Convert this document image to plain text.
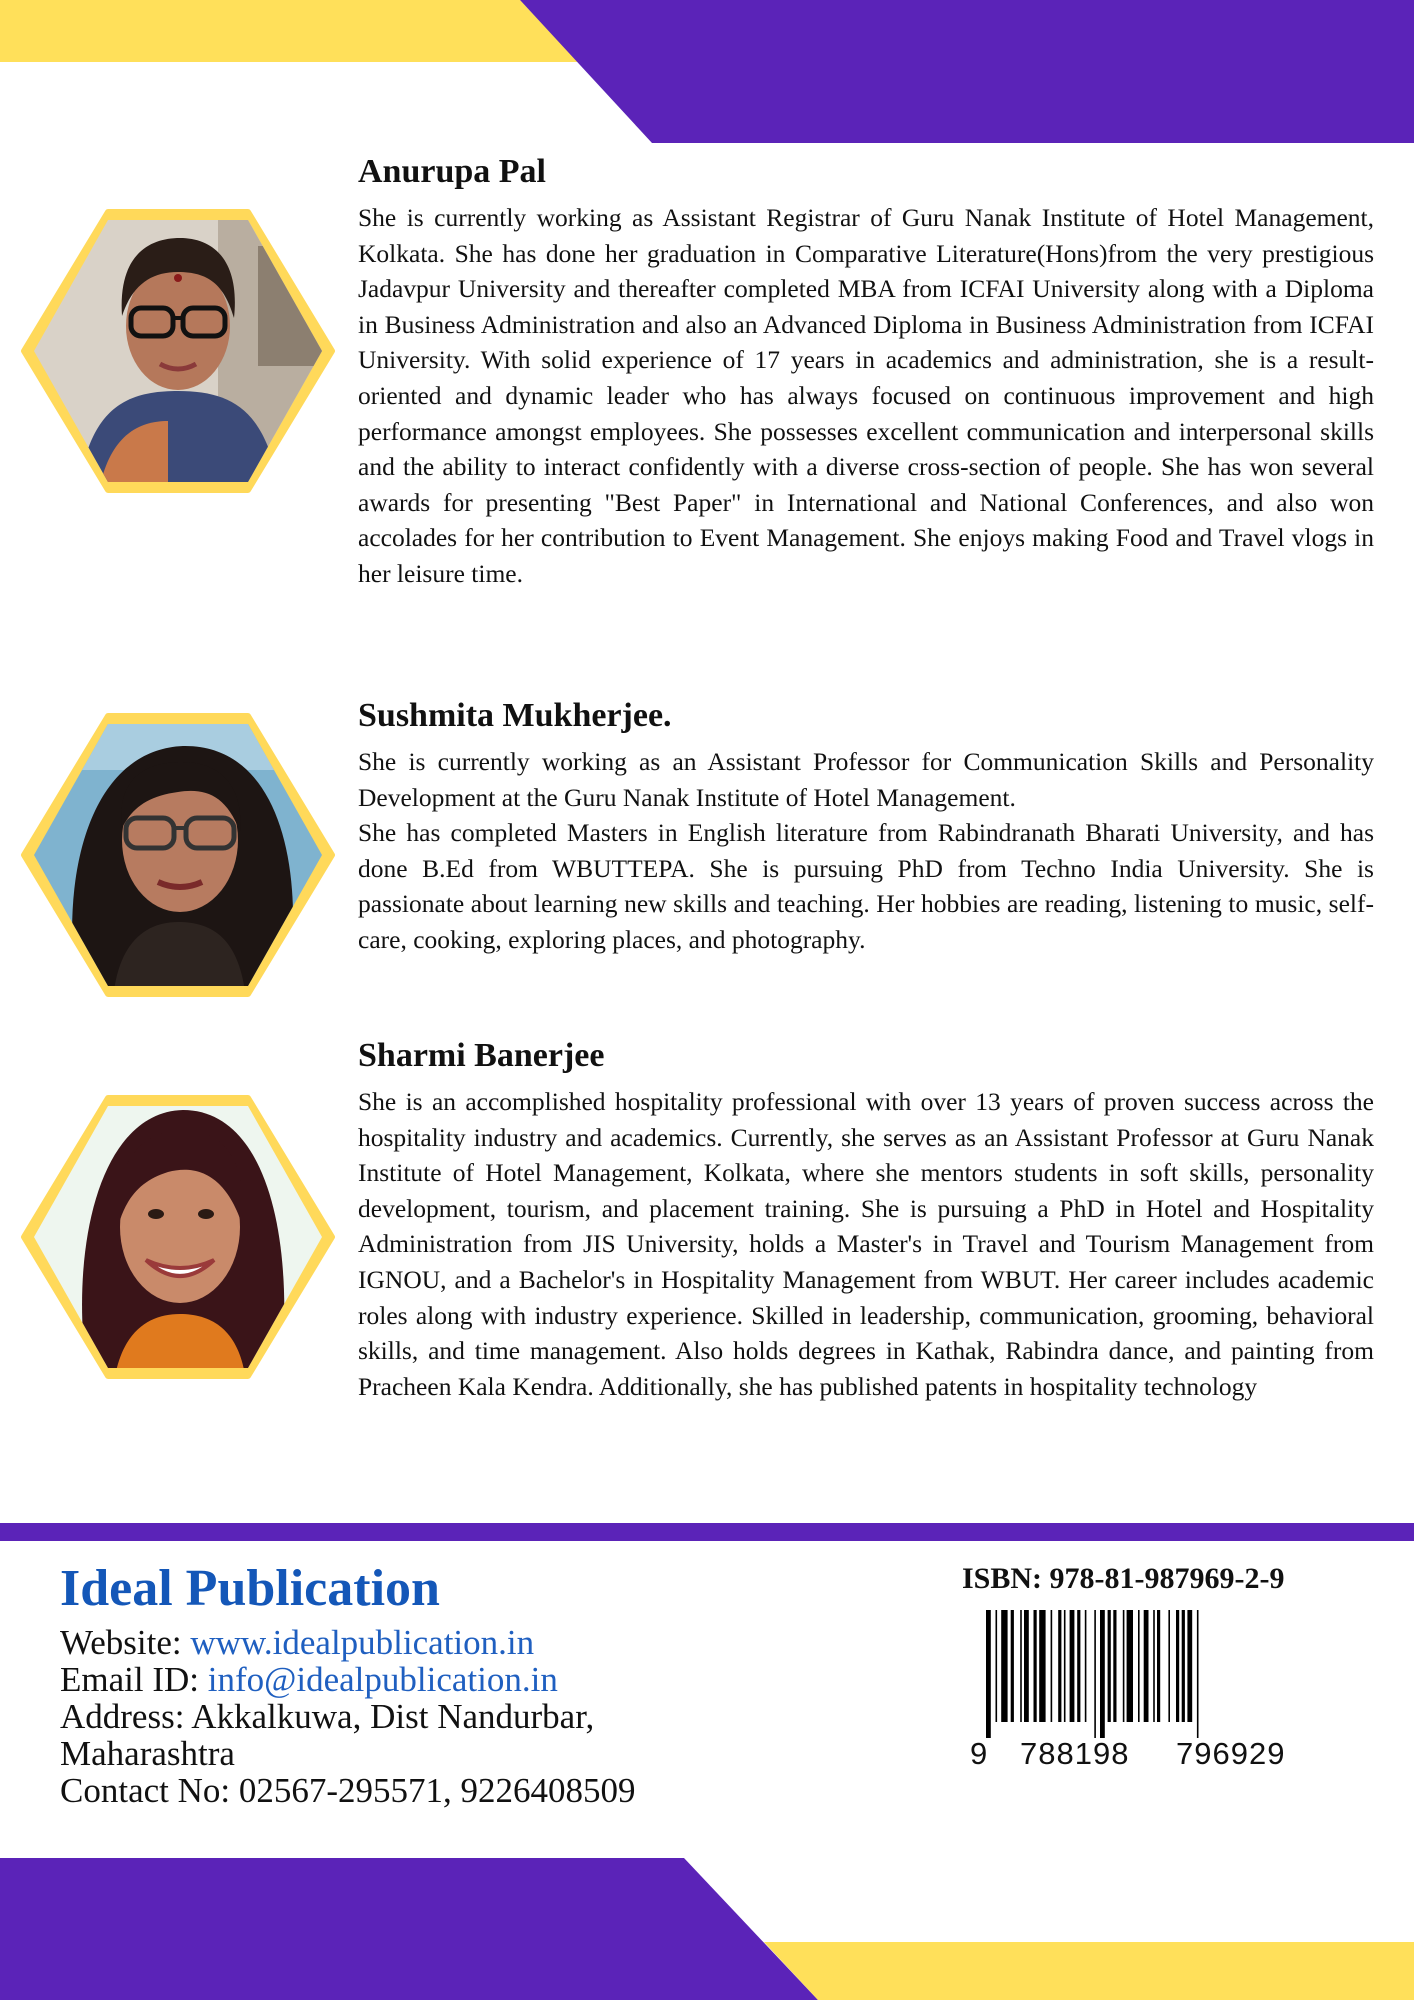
Anurupa Pal

She is currently working as Assistant Registrar of Guru Nanak Institute of Hotel Management, Kolkata. She has done her graduation in Comparative Literature(Hons)from the very prestigious Jadavpur University and thereafter completed MBA from ICFAI University along with a Diploma in Business Administration and also an Advanced Diploma in Business Administration from ICFAI University. With solid experience of 17 years in academics and administration, she is a result-oriented and dynamic leader who has always focused on continuous improvement and high performance amongst employees. She possesses excellent communication and interpersonal skills and the ability to interact confidently with a diverse cross-section of people. She has won several awards for presenting "Best Paper" in International and National Conferences, and also won accolades for her contribution to Event Management. She enjoys making Food and Travel vlogs in her leisure time.

Sushmita Mukherjee.

She is currently working as an Assistant Professor for Communication Skills and Personality Development at the Guru Nanak Institute of Hotel Management.

She has completed Masters in English literature from Rabindranath Bharati University, and has done B.Ed from WBUTTEPA. She is pursuing PhD from Techno India University. She is passionate about learning new skills and teaching. Her hobbies are reading, listening to music, self-care, cooking, exploring places, and photography.

Sharmi Banerjee

She is an accomplished hospitality professional with over 13 years of proven success across the hospitality industry and academics. Currently, she serves as an Assistant Professor at Guru Nanak Institute of Hotel Management, Kolkata, where she mentors students in soft skills, personality development, tourism, and placement training. She is pursuing a PhD in Hotel and Hospitality Administration from JIS University, holds a Master's in Travel and Tourism Management from IGNOU, and a Bachelor's in Hospitality Management from WBUT. Her career includes academic roles along with industry experience. Skilled in leadership, communication, grooming, behavioral skills, and time management. Also holds degrees in Kathak, Rabindra dance, and painting from Pracheen Kala Kendra. Additionally, she has published patents in hospitality technology

Ideal Publication
Website: www.idealpublication.in
Email ID: info@idealpublication.in
Address: Akkalkuwa, Dist Nandurbar,
Maharashtra
Contact No: 02567-295571, 9226408509
ISBN: 978-81-987969-2-9
9 788198 796929
